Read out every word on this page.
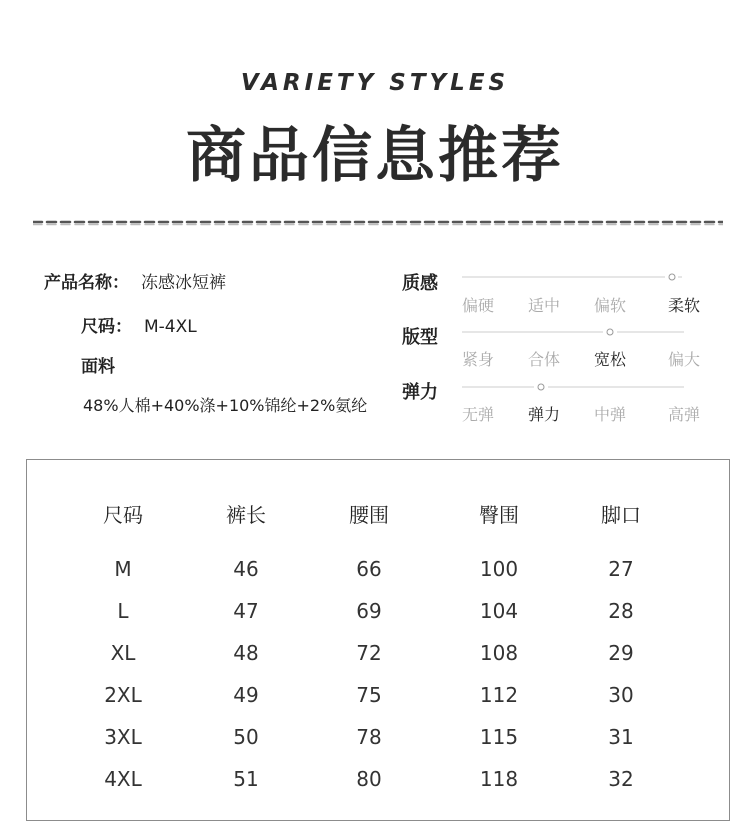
VARIETY STYLES
商品信息推荐
产品名称： 冻感冰短裤
尺码： M-4XL
面料
48%人棉+40%涤+10%锦纶+2%氨纶
质感
偏硬	适中	偏软	柔软
版型
紧身	合体	宽松	偏大
弹力
无弹	弹力	中弹	高弹
尺码	裤长	腰围	臀围	脚口
M	46	66	100	27
L	47	69	104	28
XL	48	72	108	29
2XL	49	75	112	30
3XL	50	78	115	31
4XL	51	80	118	32
